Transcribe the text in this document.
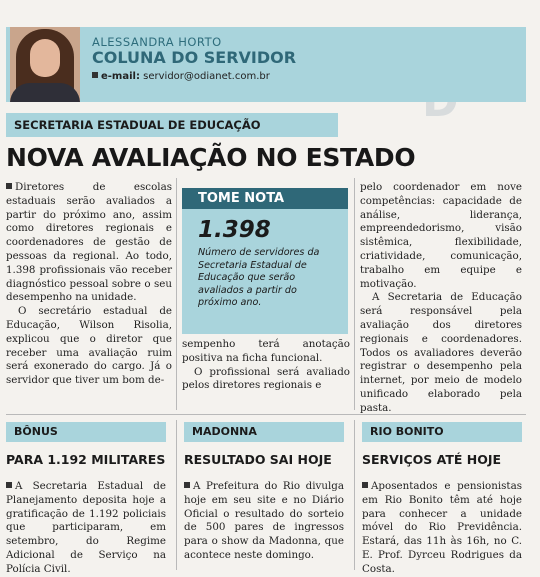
ALESSANDRA HORTO
COLUNA DO SERVIDOR
e-mail: servidor@odianet.com.br
SECRETARIA ESTADUAL DE EDUCAÇÃO
NOVA AVALIAÇÃO NO ESTADO

Diretores de escolas estaduais serão avaliados a partir do próximo ano, assim como diretores regionais e coordenadores de gestão de pessoas da regional. Ao todo, 1.398 profissionais vão receber diagnóstico pessoal sobre o seu desempenho na unidade.

O secretário estadual de Educação, Wilson Risolia, explicou que o diretor que receber uma avaliação ruim será exonerado do cargo. Já o servidor que tiver um bom de-

TOME NOTA
1.398
Número de servidores da Secretaria Estadual de Educação que serão avaliados a partir do próximo ano.

sempenho terá anotação positiva na ficha funcional.

O profissional será avaliado pelos diretores regionais e

pelo coordenador em nove competências: capacidade de análise, liderança, empreendedorismo, visão sistêmica, flexibilidade, criatividade, comunicação, trabalho em equipe e motivação.

A Secretaria de Educação será responsável pela avaliação dos diretores regionais e coordenadores. Todos os avaliadores deverão registrar o desempenho pela internet, por meio de modelo unificado elaborado pela pasta.

BÔNUS
PARA 1.192 MILITARES
A Secretaria Estadual de Planejamento deposita hoje a gratificação de 1.192 policiais que participaram, em setembro, do Regime Adicional de Serviço na Polícia Civil.
MADONNA
RESULTADO SAI HOJE
A Prefeitura do Rio divulga hoje em seu site e no Diário Oficial o resultado do sorteio de 500 pares de ingressos para o show da Madonna, que acontece neste domingo.
RIO BONITO
SERVIÇOS ATÉ HOJE
Aposentados e pensionistas em Rio Bonito têm até hoje para conhecer a unidade móvel do Rio Previdência. Estará, das 11h às 16h, no C. E. Prof. Dyrceu Rodrigues da Costa.
